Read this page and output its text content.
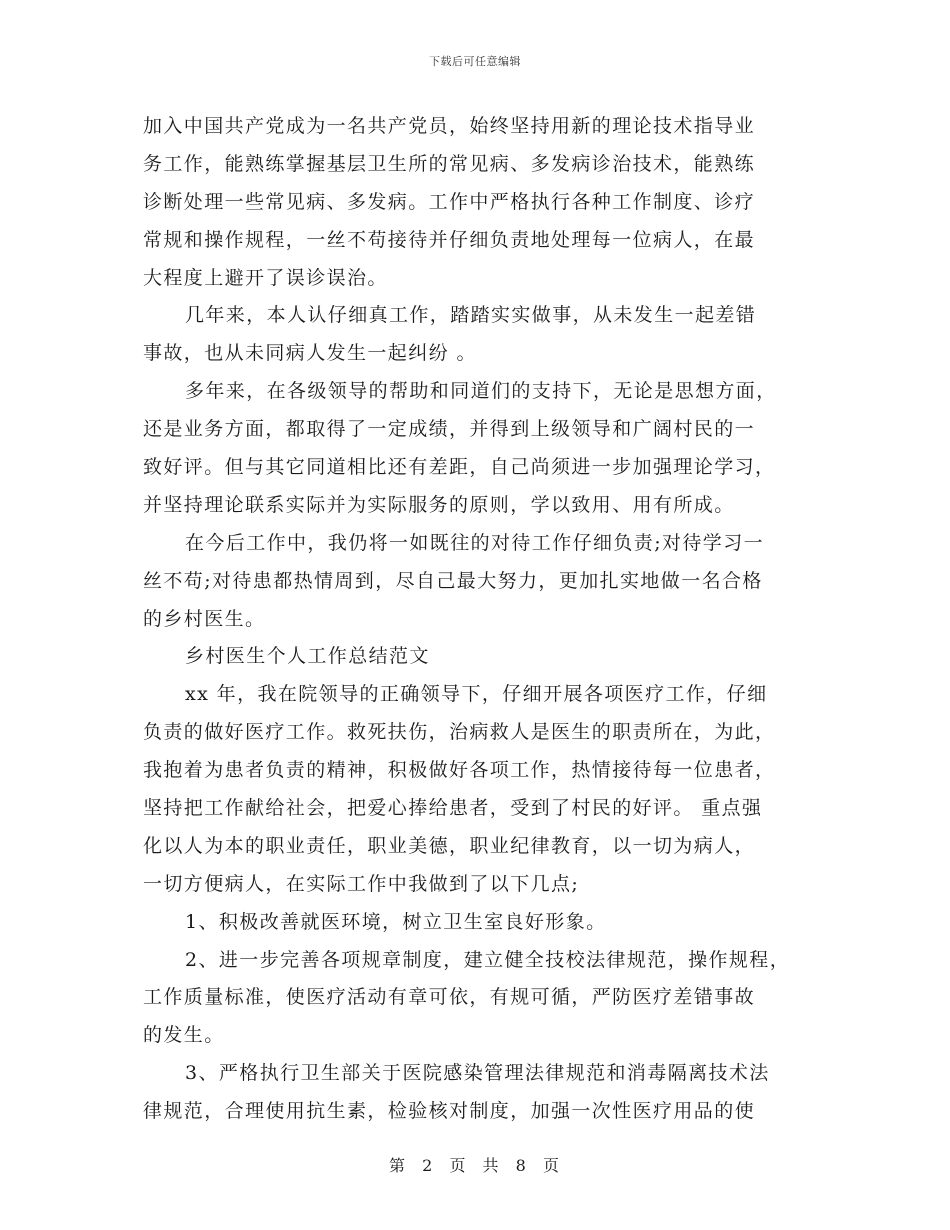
下载后可任意编辑
加入中国共产党成为一名共产党员，始终坚持用新的理论技术指导业
务工作，能熟练掌握基层卫生所的常见病、多发病诊治技术，能熟练
诊断处理一些常见病、多发病。工作中严格执行各种工作制度、诊疗
常规和操作规程，一丝不苟接待并仔细负责地处理每一位病人，在最
大程度上避开了误诊误治。
几年来，本人认仔细真工作，踏踏实实做事，从未发生一起差错
事故，也从未同病人发生一起纠纷 。
多年来，在各级领导的帮助和同道们的支持下，无论是思想方面，
还是业务方面，都取得了一定成绩，并得到上级领导和广阔村民的一
致好评。但与其它同道相比还有差距，自己尚须进一步加强理论学习，
并坚持理论联系实际并为实际服务的原则，学以致用、用有所成。
在今后工作中，我仍将一如既往的对待工作仔细负责;对待学习一
丝不苟;对待患都热情周到，尽自己最大努力，更加扎实地做一名合格
的乡村医生。
乡村医生个人工作总结范文
xx 年，我在院领导的正确领导下，仔细开展各项医疗工作，仔细
负责的做好医疗工作。救死扶伤，治病救人是医生的职责所在，为此，
我抱着为患者负责的精神，积极做好各项工作，热情接待每一位患者，
坚持把工作献给社会，把爱心捧给患者，受到了村民的好评。 重点强
化以人为本的职业责任，职业美德，职业纪律教育，以一切为病人，
一切方便病人，在实际工作中我做到了以下几点;
1、积极改善就医环境，树立卫生室良好形象。
2、进一步完善各项规章制度，建立健全技校法律规范，操作规程，
工作质量标准，使医疗活动有章可依，有规可循，严防医疗差错事故
的发生。
3、严格执行卫生部关于医院感染管理法律规范和消毒隔离技术法
律规范，合理使用抗生素，检验核对制度，加强一次性医疗用品的使
第 2 页 共 8 页
